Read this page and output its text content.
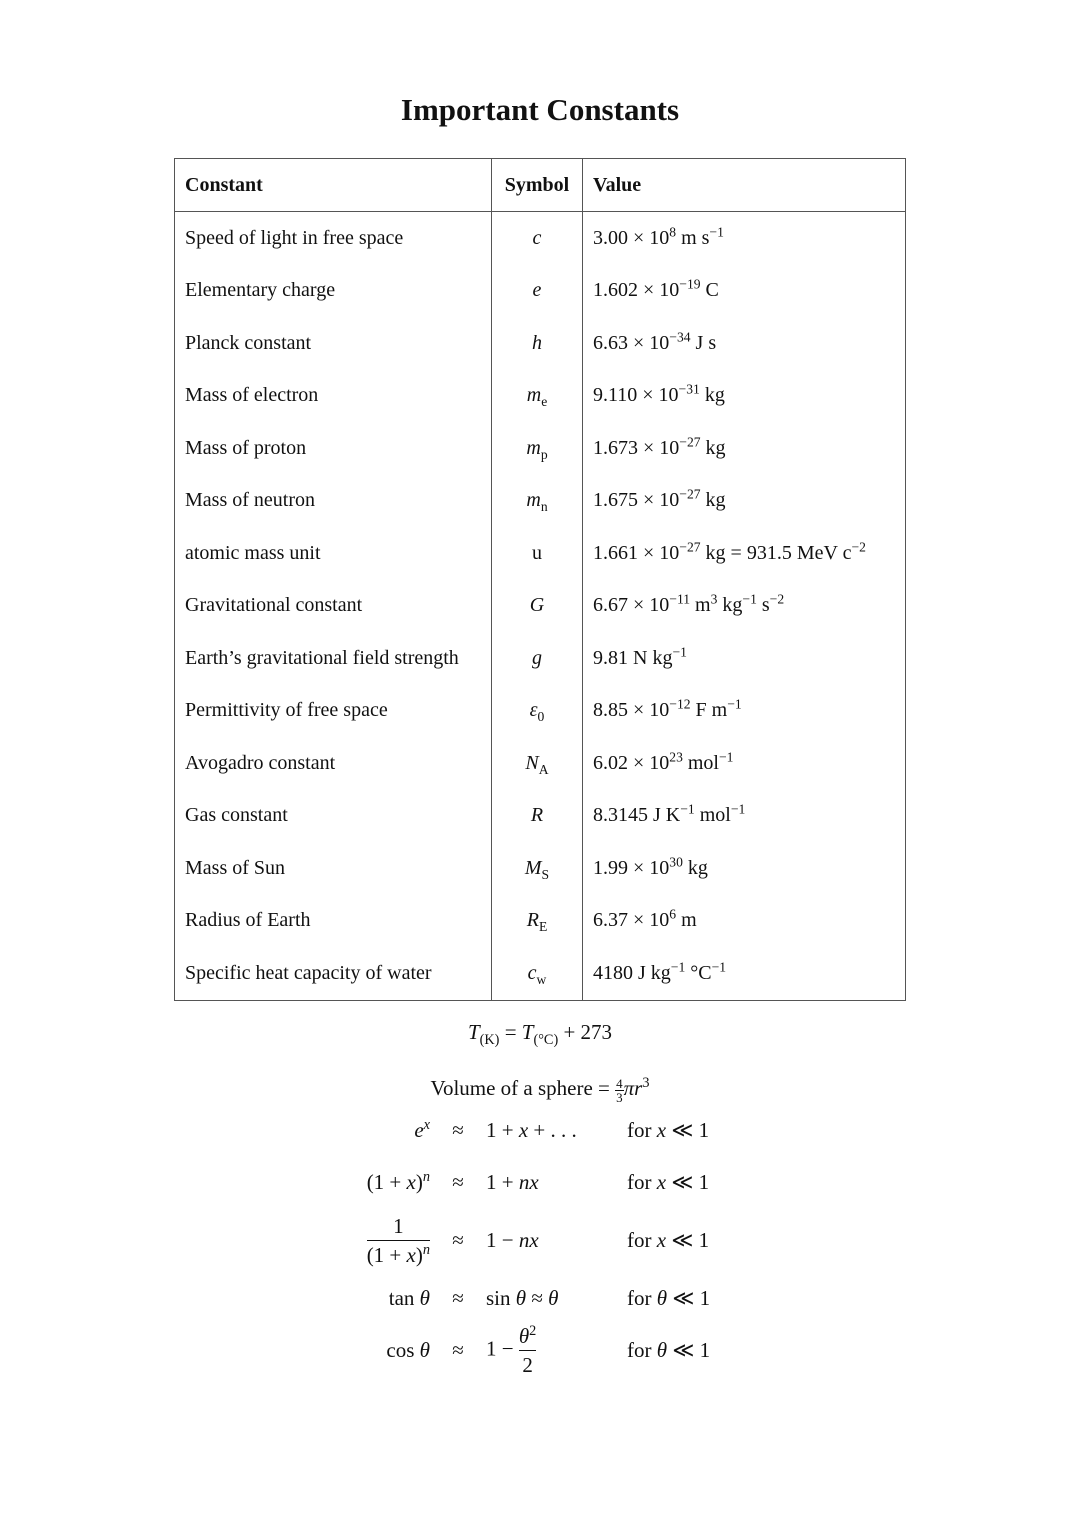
Important Constants
Constant	Symbol	Value
Speed of light in free space	c	$3.00 \times 10^8$ m $s^{-1}$
Elementary charge	e	$1.602 \times 10^{-19}$ C
Planck constant	h	$6.63 \times 10^{-34}$ J s
Mass of electron	$m_e$	$9.110 \times 10^{-31}$ kg
Mass of proton	$m_p$	$1.673 \times 10^{-27}$ kg
Mass of neutron	$m_n$	$1.675 \times 10^{-27}$ kg
atomic mass unit	u	$1.661 \times 10^{-27}$ kg = 931.5 MeV $c^{-2}$
Gravitational constant	G	$6.67 \times 10^{-11}$ $m^3$ $kg^{-1}$ $s^{-2}$
Earth’s gravitational field strength	g	9.81 N $kg^{-1}$
Permittivity of free space	$\varepsilon_0$	$8.85 \times 10^{-12}$ F $m^{-1}$
Avogadro constant	$N_A$	$6.02 \times 10^{23}$ mol$^{-1}$
Gas constant	R	8.3145 J $K^{-1}$ mol$^{-1}$
Mass of Sun	$M_S$	$1.99 \times 10^{30}$ kg
Radius of Earth	$R_E$	$6.37 \times 10^6$ m
Specific heat capacity of water	$c_w$	4180 J $kg^{-1}$ $^\circ C^{-1}$
$T_{(K)} = T_{(^\circ C)} + 273$
Volume of a sphere = $\frac{4}{3} \pi r^3$
$e^x \approx 1 + x$ + . . . for x ≪ 1
$(1 + x)^n \approx 1$ + nx	for x ≪ 1
$\frac{1}{(1 + x)^n} \approx 1$ − nx	for x ≪ 1
tan θ ≈ sin θ ≈ θ	for θ ≪ 1
$\cos \theta \approx 1 - \frac{\theta^2}{2}$	for θ ≪ 1
